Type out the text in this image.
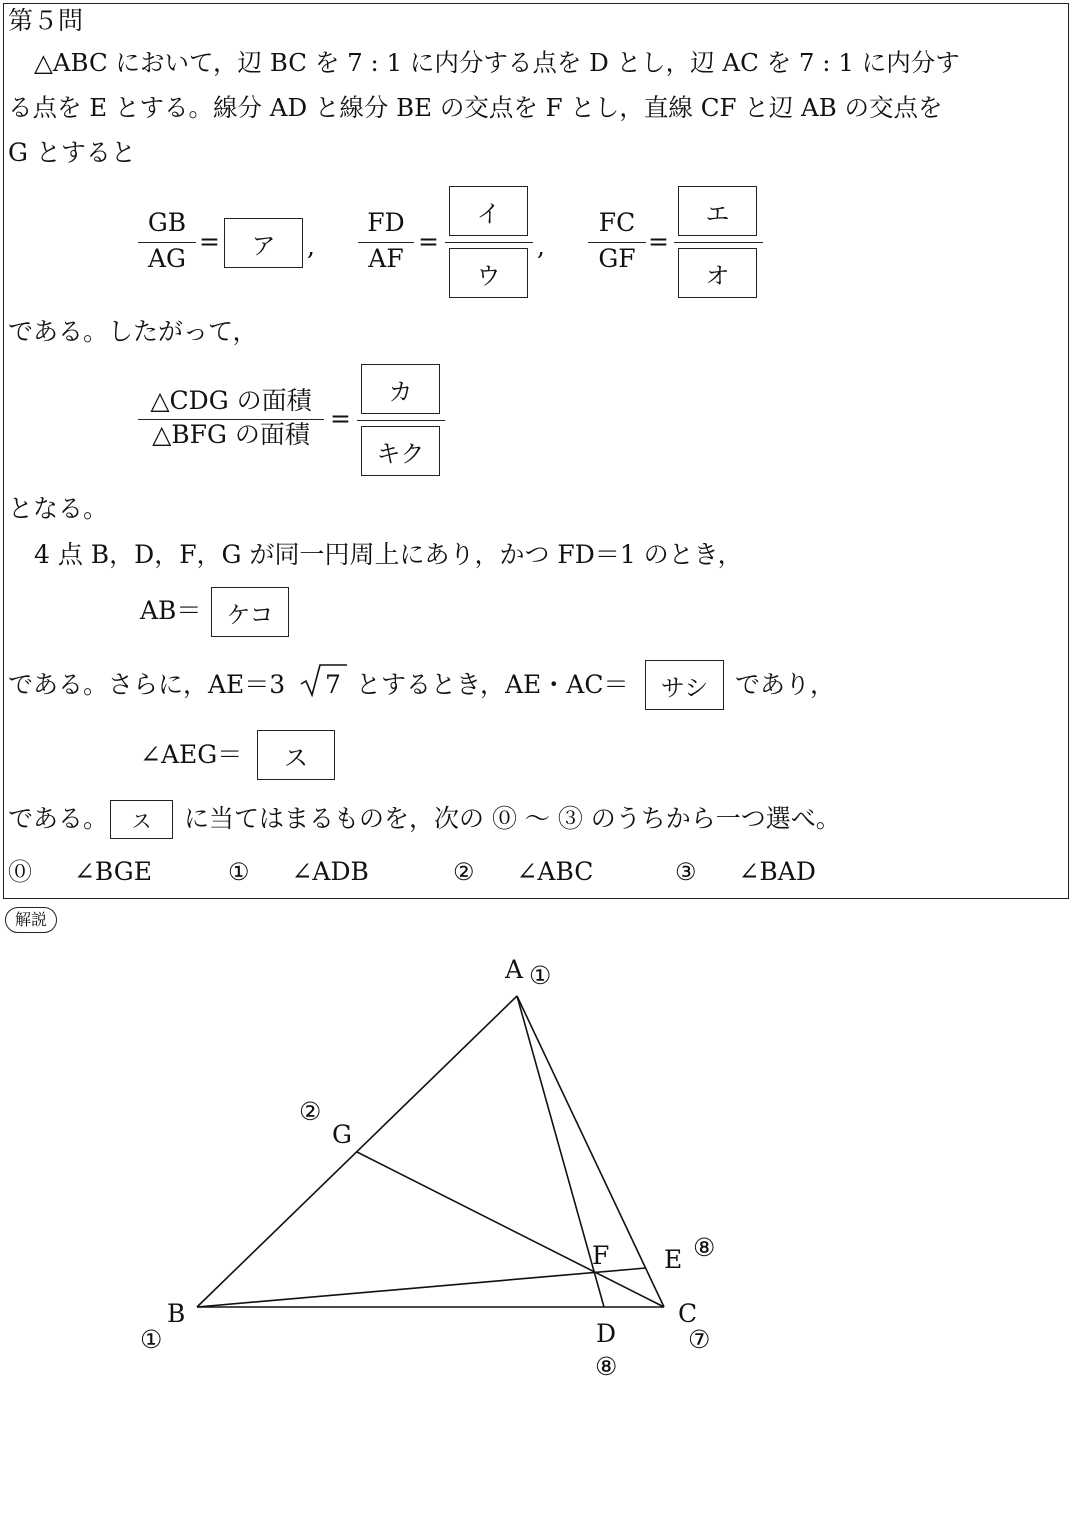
第５問
△ABC において，辺 BC を 7 : 1 に内分する点を D とし，辺 AC を 7 : 1 に内分す
る点を E とする。線分 AD と線分 BE の交点を F とし，直線 CF と辺 AB の交点を
G とすると
GB
AG
=	ア	,
FD
AF
=
イ
ウ
,
FC
GF
=
エ
オ
である。したがって，
△CDG の面積
△BFG の面積
=
カ
キク
となる。
4 点 B，D，F，G が同一円周上にあり，かつ FD＝1 のとき，
AB＝	ケコ
である。さらに，AE＝3 7 とするとき，AE・AC＝	サシ	であり，
∠AEG＝	ス
である。	ス	に当てはまるものを，次の ⓪ 〜 ③ のうちから一つ選べ。
⓪ ∠BGE	① ∠ADB	② ∠ABC	③ ∠BAD
解説
A
B	C
D
E
F
G
①
①	⑦
⑧
⑧
②
